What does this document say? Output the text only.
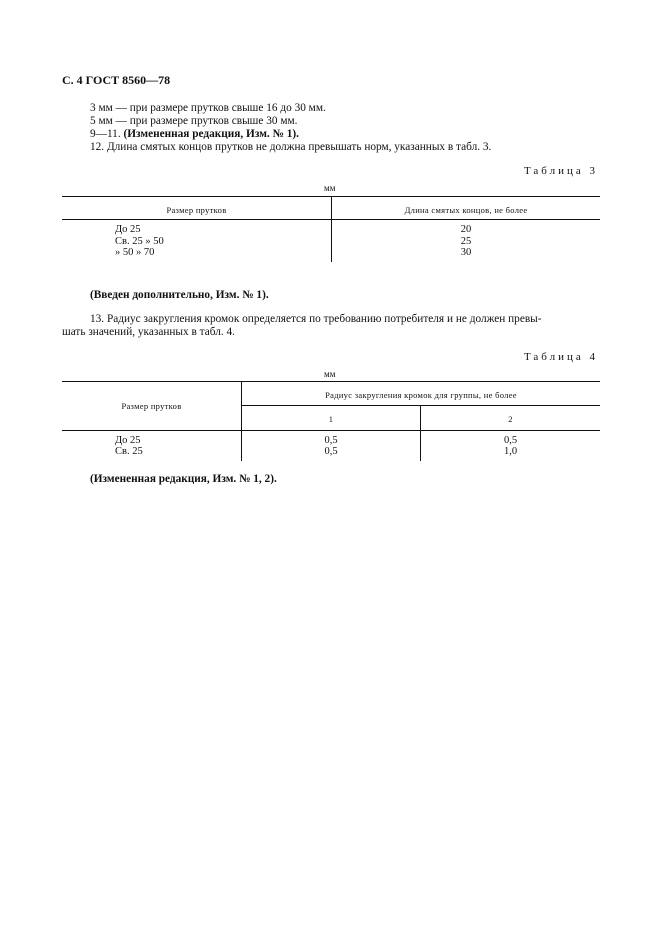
С. 4 ГОСТ 8560—78
3 мм — при размере прутков свыше 16 до 30 мм.
5 мм — при размере прутков свыше 30 мм.
9—11. (Измененная редакция, Изм. № 1).
12. Длина смятых концов прутков не должна превышать норм, указанных в табл. 3.
Таблица 3
мм
Размер прутков	Длина смятых концов, не более
До 25
Св. 25 » 50
» 50 » 70
20
25
30
(Введен дополнительно, Изм. № 1).
13. Радиус закругления кромок определяется по требованию потребителя и не должен превы-
шать значений, указанных в табл. 4.
Таблица 4
мм
Размер прутков
Радиус закругления кромок для группы, не более
1	2
До 25
Св. 25
0,5
0,5
0,5
1,0
(Измененная редакция, Изм. № 1, 2).
